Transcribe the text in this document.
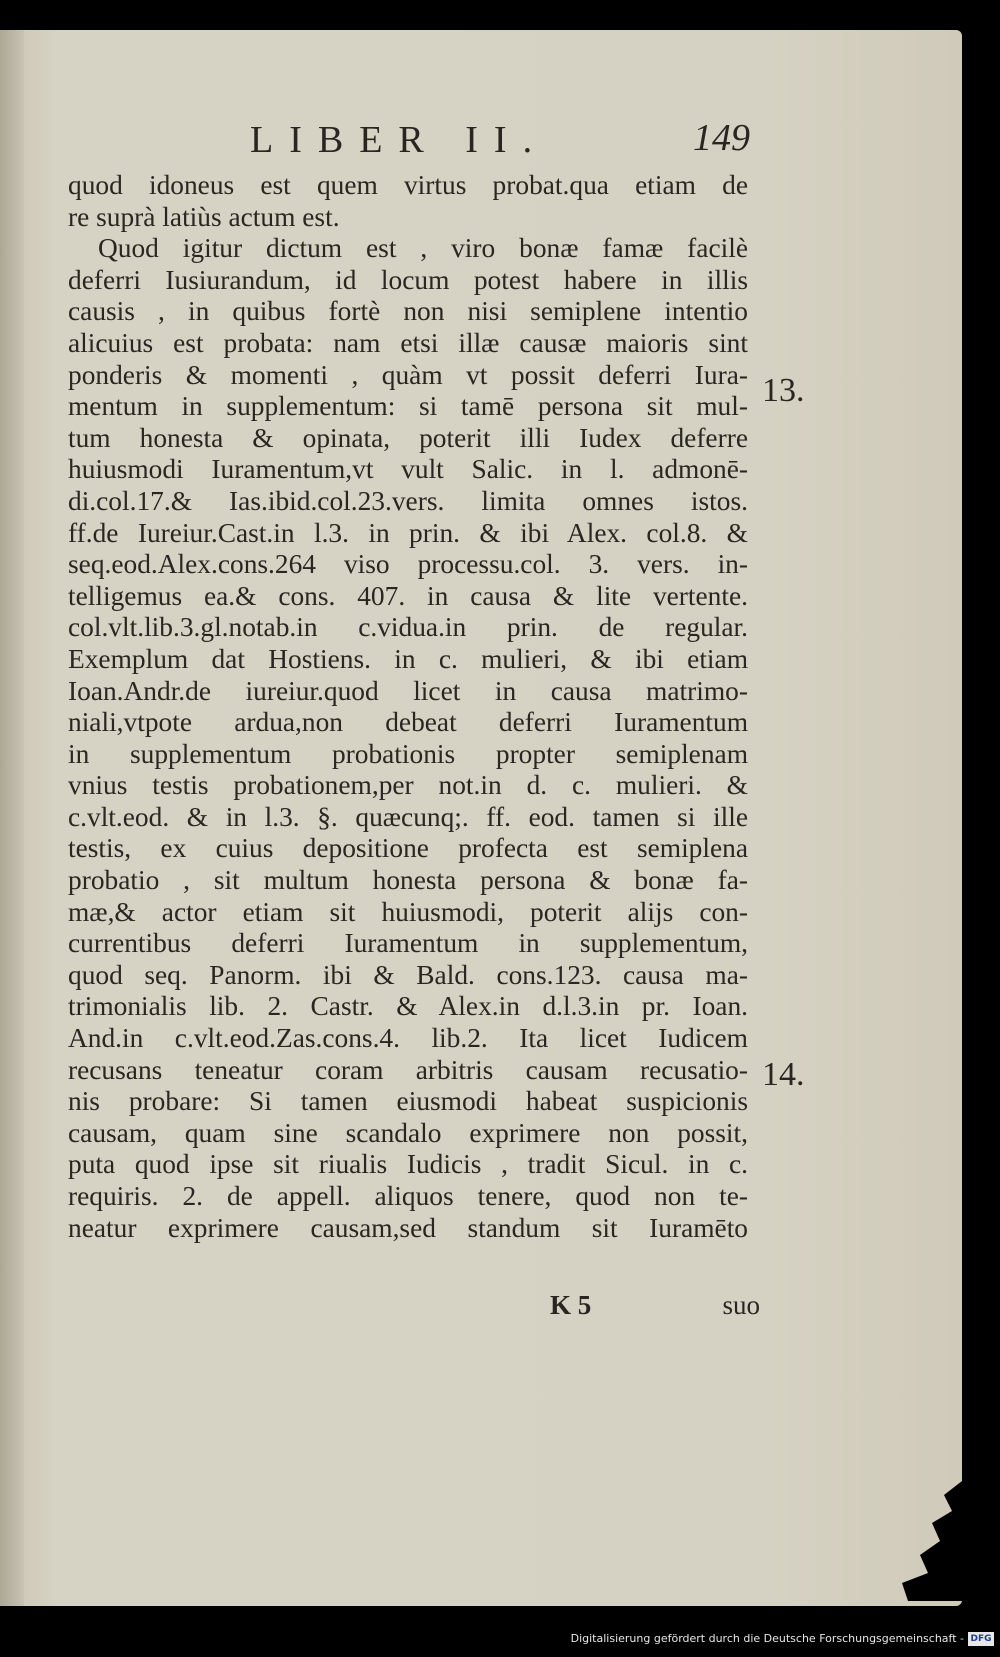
LIBER II.	149
quod idoneus est quem virtus probat.qua etiam de
re suprà latiùs actum est.
Quod igitur dictum est , viro bonæ famæ facilè
deferri Iusiurandum, id locum potest habere in illis
causis , in quibus fortè non nisi semiplene intentio
alicuius est probata: nam etsi illæ causæ maioris sint
ponderis & momenti , quàm vt possit deferri Iura-
mentum in supplementum: si tamē persona sit mul-
tum honesta & opinata, poterit illi Iudex deferre
huiusmodi Iuramentum,vt vult Salic. in l. admonē-
di.col.17.& Ias.ibid.col.23.vers. limita omnes istos.
ff.de Iureiur.Cast.in l.3. in prin. & ibi Alex. col.8. &
seq.eod.Alex.cons.264 viso processu.col. 3. vers. in-
telligemus ea.& cons. 407. in causa & lite vertente.
col.vlt.lib.3.gl.notab.in c.vidua.in prin. de regular.
Exemplum dat Hostiens. in c. mulieri, & ibi etiam
Ioan.Andr.de iureiur.quod licet in causa matrimo-
niali,vtpote ardua,non debeat deferri Iuramentum
in supplementum probationis propter semiplenam
vnius testis probationem,per not.in d. c. mulieri. &
c.vlt.eod. & in l.3. §. quæcunq;. ff. eod. tamen si ille
testis, ex cuius depositione profecta est semiplena
probatio , sit multum honesta persona & bonæ fa-
mæ,& actor etiam sit huiusmodi, poterit alijs con-
currentibus deferri Iuramentum in supplementum,
quod seq. Panorm. ibi & Bald. cons.123. causa ma-
trimonialis lib. 2. Castr. & Alex.in d.l.3.in pr. Ioan.
And.in c.vlt.eod.Zas.cons.4. lib.2. Ita licet Iudicem
recusans teneatur coram arbitris causam recusatio-
nis probare: Si tamen eiusmodi habeat suspicionis
causam, quam sine scandalo exprimere non possit,
puta quod ipse sit riualis Iudicis , tradit Sicul. in c.
requiris. 2. de appell. aliquos tenere, quod non te-
neatur exprimere causam,sed standum sit Iuramēto
13.
14.
K 5	suo
Digitalisierung gefördert durch die Deutsche Forschungsgemeinschaft - DFG
